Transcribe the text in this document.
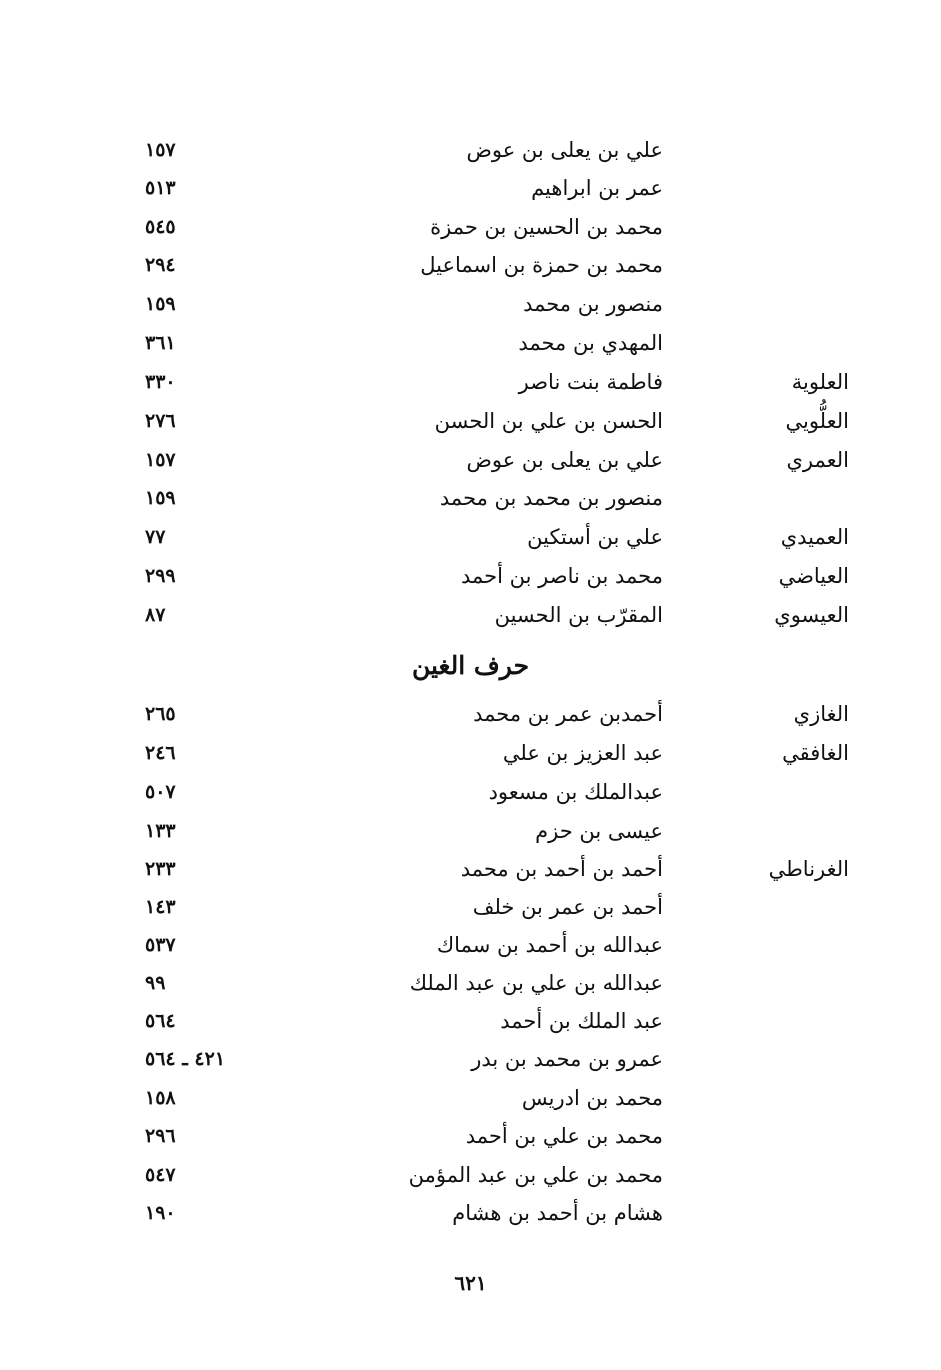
علي بن يعلى بن عوض
١٥٧
عمر بن ابراهيم
٥١٣
محمد بن الحسين بن حمزة
٥٤٥
محمد بن حمزة بن اسماعيل
٢٩٤
منصور بن محمد
١٥٩
المهدي بن محمد
٣٦١
العلوية
فاطمة بنت ناصر
٣٣٠
العلُّويي
الحسن بن علي بن الحسن
٢٧٦
العمري
علي بن يعلى بن عوض
١٥٧
منصور بن محمد بن محمد
١٥٩
العميدي
علي بن أستكين
٧٧
العياضي
محمد بن ناصر بن أحمد
٢٩٩
العيسوي
المقرّب بن الحسين
٨٧
الغازي
أحمدبن عمر بن محمد
٢٦٥
الغافقي
عبد العزيز بن علي
٢٤٦
عبدالملك بن مسعود
٥٠٧
عيسى بن حزم
١٣٣
الغرناطي
أحمد بن أحمد بن محمد
٢٣٣
أحمد بن عمر بن خلف
١٤٣
عبدالله بن أحمد بن سماك
٥٣٧
عبدالله بن علي بن عبد الملك
٩٩
عبد الملك بن أحمد
٥٦٤
عمرو بن محمد بن بدر
٤٢١ ـ ٥٦٤
محمد بن ادريس
١٥٨
محمد بن علي بن أحمد
٢٩٦
محمد بن علي بن عبد المؤمن
٥٤٧
هشام بن أحمد بن هشام
١٩٠
حرف الغين
٦٢١
